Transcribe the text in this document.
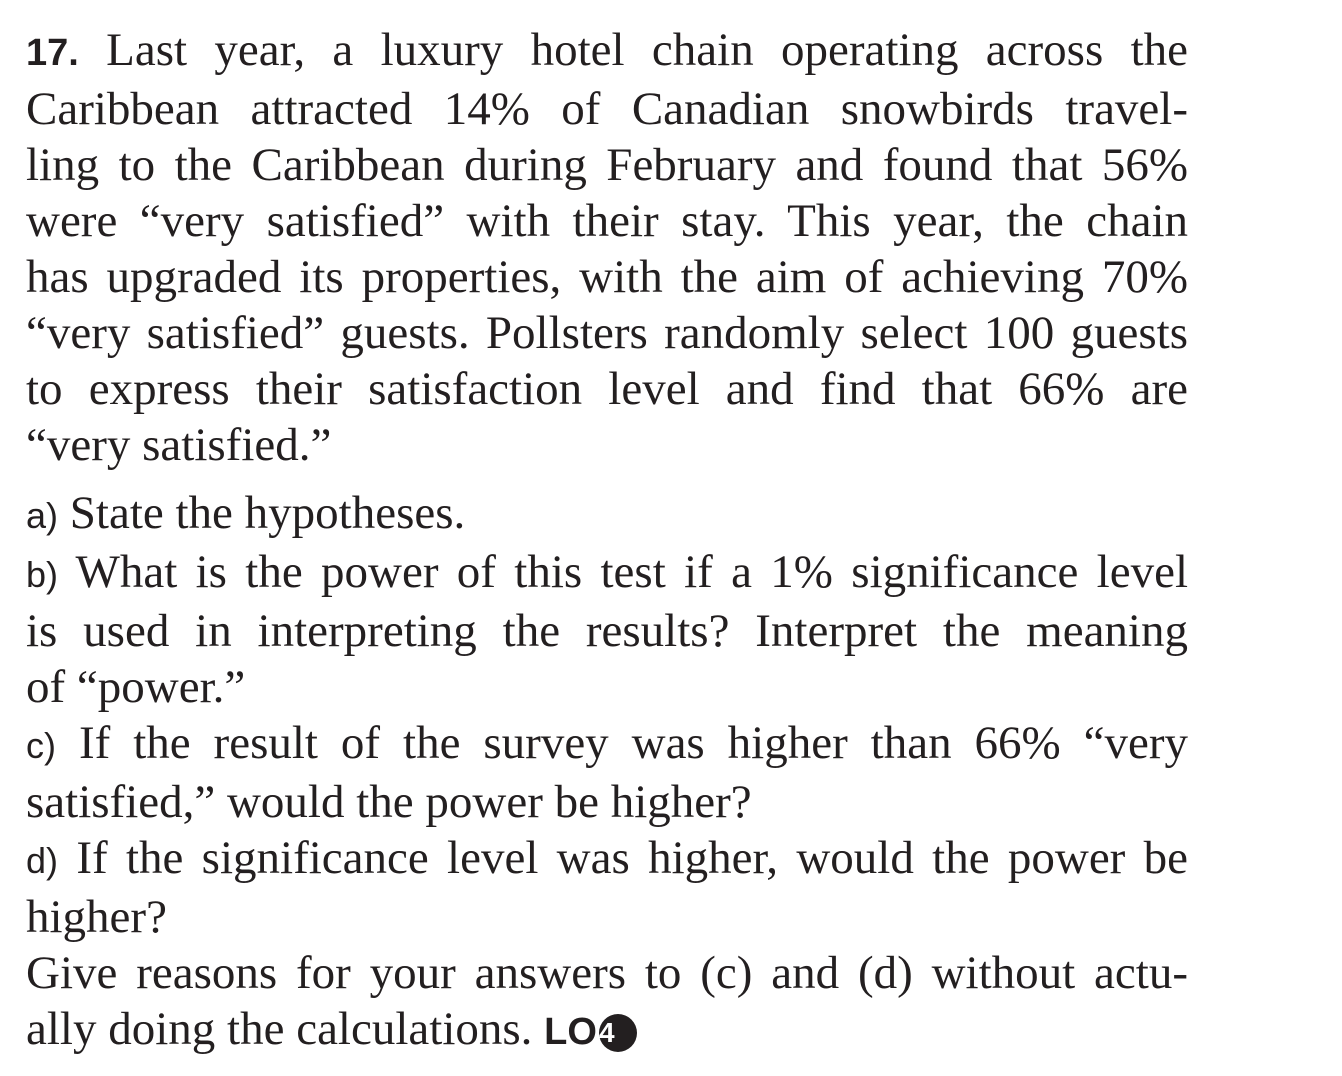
17. Last year, a luxury hotel chain operating across the
Caribbean attracted 14% of Canadian snowbirds travel-
ling to the Caribbean during February and found that 56%
were “very satisfied” with their stay. This year, the chain
has upgraded its properties, with the aim of achieving 70%
“very satisfied” guests. Pollsters randomly select 100 guests
to express their satisfaction level and find that 66% are
“very satisfied.”
a) State the hypotheses.
b) What is the power of this test if a 1% significance level
is used in interpreting the results? Interpret the meaning
of “power.”
c) If the result of the survey was higher than 66% “very
satisfied,” would the power be higher?
d) If the significance level was higher, would the power be
higher?
Give reasons for your answers to (c) and (d) without actu-
ally doing the calculations. LO4
